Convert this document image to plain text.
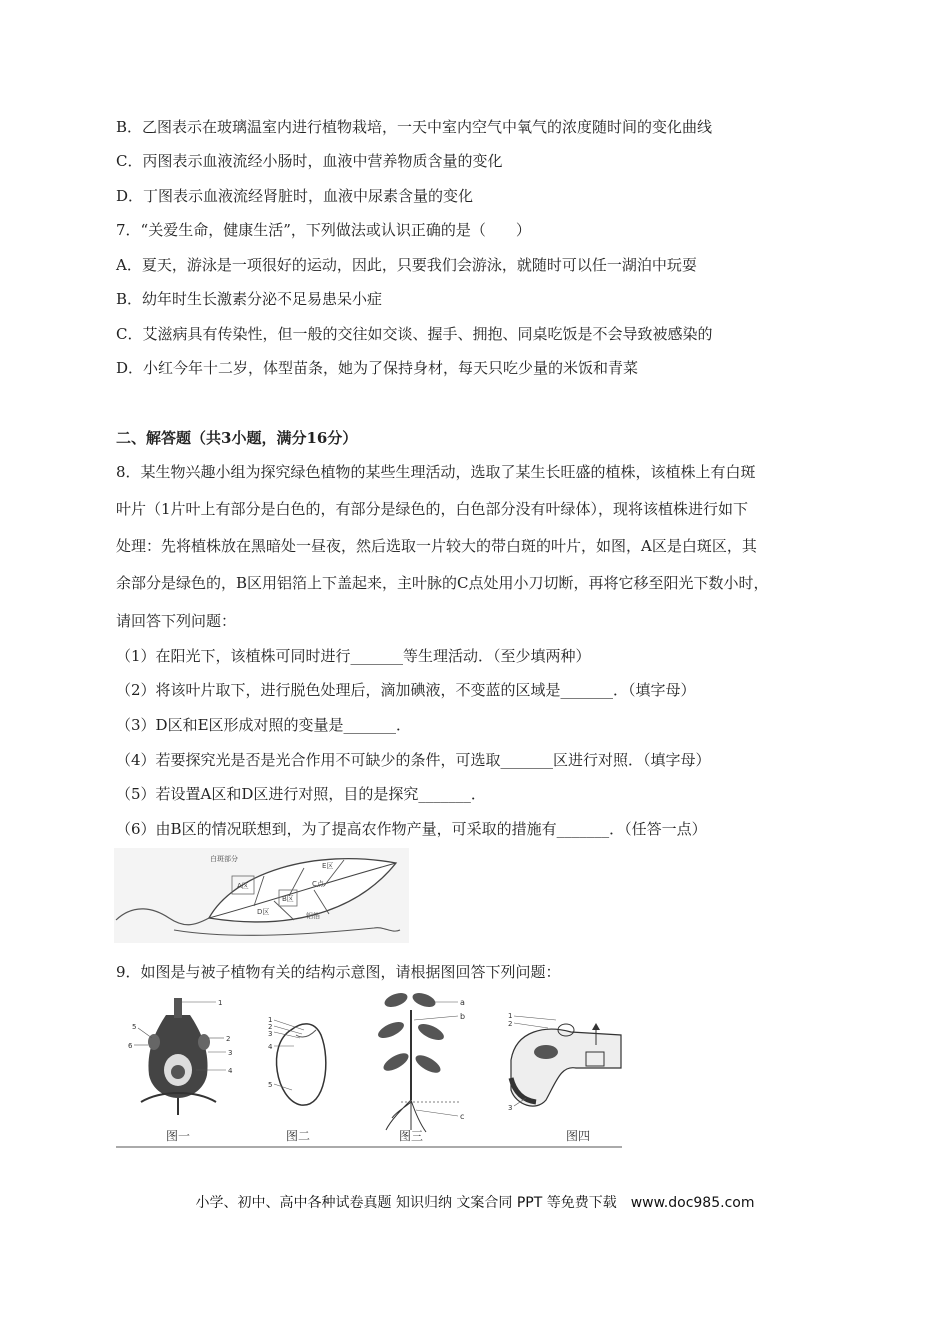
B．乙图表示在玻璃温室内进行植物栽培，一天中室内空气中氧气的浓度随时间的变化曲线
C．丙图表示血液流经小肠时，血液中营养物质含量的变化
D．丁图表示血液流经肾脏时，血液中尿素含量的变化
7．“关爱生命，健康生活”，下列做法或认识正确的是（　　）
A．夏天，游泳是一项很好的运动，因此，只要我们会游泳，就随时可以任一湖泊中玩耍
B．幼年时生长激素分泌不足易患呆小症
C．艾滋病具有传染性，但一般的交往如交谈、握手、拥抱、同桌吃饭是不会导致被感染的
D．小红今年十二岁，体型苗条，她为了保持身材，每天只吃少量的米饭和青菜
二、解答题（共3小题，满分16分）
8．某生物兴趣小组为探究绿色植物的某些生理活动，选取了某生长旺盛的植株，该植株上有白斑
叶片（1片叶上有部分是白色的，有部分是绿色的，白色部分没有叶绿体），现将该植株进行如下
处理：先将植株放在黑暗处一昼夜，然后选取一片较大的带白斑的叶片，如图，A区是白斑区，其
余部分是绿色的，B区用铝箔上下盖起来，主叶脉的C点处用小刀切断，再将它移至阳光下数小时，
请回答下列问题：
（1）在阳光下，该植株可同时进行_______等生理活动．（至少填两种）
（2）将该叶片取下，进行脱色处理后，滴加碘液，不变蓝的区域是_______．（填字母）
（3）D区和E区形成对照的变量是_______．
（4）若要探究光是否是光合作用不可缺少的条件，可选取_______区进行对照．（填字母）
（5）若设置A区和D区进行对照，目的是探究_______．
（6）由B区的情况联想到，为了提高农作物产量，可采取的措施有_______．（任答一点）
9．如图是与被子植物有关的结构示意图，请根据图回答下列问题：
白斑部分
A区
B区
D区
E区
C点
铝箔
1
2
3
4
5
6
1
2
3
4
5
a
b
c
1
2
3
图一	图二	图三	图四
小学、初中、高中各种试卷真题 知识归纳 文案合同 PPT 等免费下载　www.doc985.com
